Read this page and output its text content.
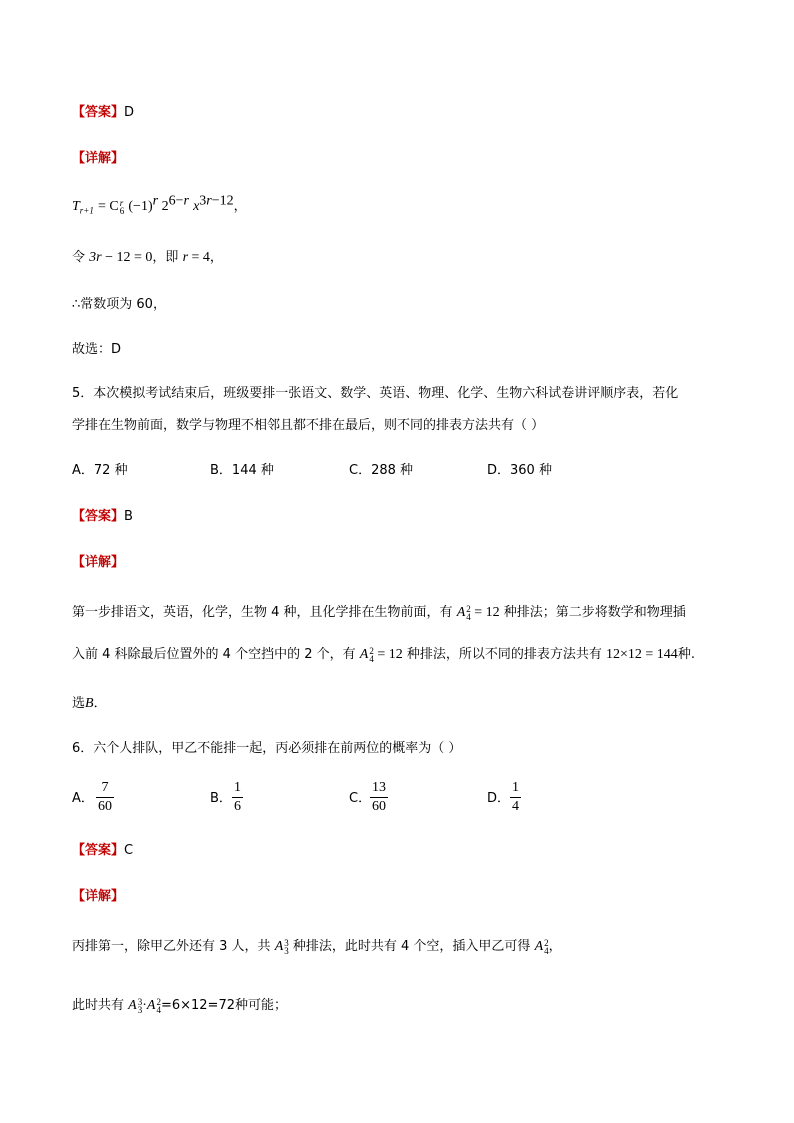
【答案】D
【详解】
$T_{r+1} = C$ r
6 $(-1)^r$ $2^{6-r}$ $x^{3r-12}$，
令 3r − 12 = 0，即 r = 4，
∴常数项为 60，
故选：D
5．本次模拟考试结束后，班级要排一张语文、数学、英语、物理、化学、生物六科试卷讲评顺序表，若化
学排在生物前面，数学与物理不相邻且都不排在最后，则不同的排表方法共有（ ）
A．72 种	B．144 种	C．288 种	D．360 种
【答案】B
【详解】
第一步排语文，英语，化学，生物 4 种，且化学排在生物前面，有 A 2
4 = 12 种排法；第二步将数学和物理插
入前 4 科除最后位置外的 4 个空挡中的 2 个，有 A 2
4 = 12 种排法，所以不同的排表方法共有 12×12 = 144种.
选B．
6．六个人排队，甲乙不能排一起，丙必须排在前两位的概率为（ ）
A．
7
60
B．
1
6
C．
13
60
D．
1
4
【答案】C
【详解】
丙排第一，除甲乙外还有 3 人，共 A 3
3 种排法，此时共有 4 个空，插入甲乙可得 A 2
4 ，
此时共有 A 3
3 ·A 2
4 =6×12=72种可能；
